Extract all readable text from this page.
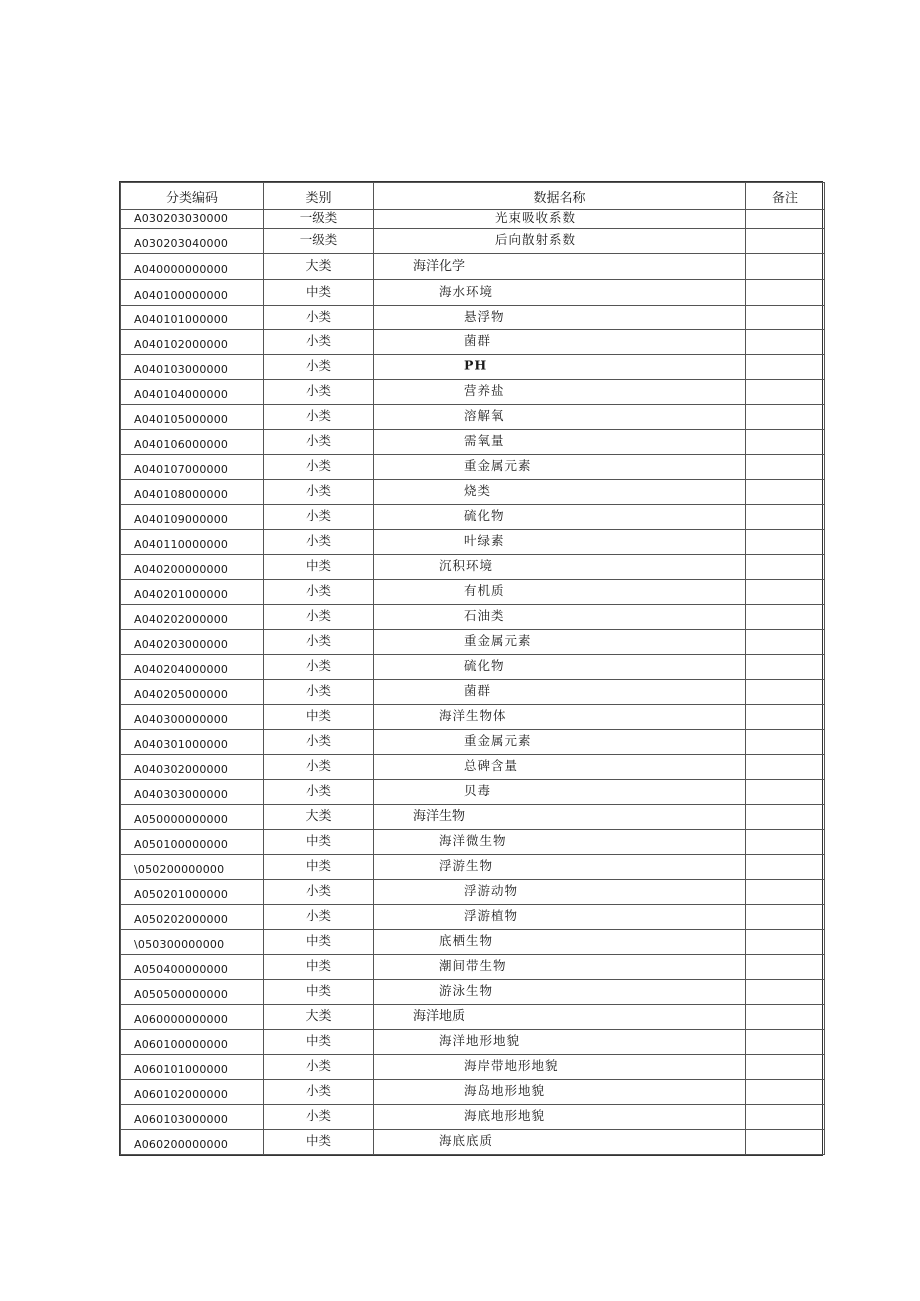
分类编码	类别	数据名称	备注

A030203030000	一级类	光束吸收系数	

A030203040000	一级类	后向散射系数	

A040000000000	大类	海洋化学	

A040100000000	中类	海水环境	

A040101000000	小类	悬浮物	

A040102000000	小类	菌群	

A040103000000	小类	PH	

A040104000000	小类	营养盐	

A040105000000	小类	溶解氧	

A040106000000	小类	需氧量	

A040107000000	小类	重金属元素	

A040108000000	小类	烧类	

A040109000000	小类	硫化物	

A040110000000	小类	叶绿素	

A040200000000	中类	沉积环境	

A040201000000	小类	有机质	

A040202000000	小类	石油类	

A040203000000	小类	重金属元素	

A040204000000	小类	硫化物	

A040205000000	小类	菌群	

A040300000000	中类	海洋生物体	

A040301000000	小类	重金属元素	

A040302000000	小类	总碑含量	

A040303000000	小类	贝毒	

A050000000000	大类	海洋生物	

A050100000000	中类	海洋微生物	

\050200000000	中类	浮游生物	

A050201000000	小类	浮游动物	

A050202000000	小类	浮游植物	

\050300000000	中类	底栖生物	

A050400000000	中类	潮间带生物	

A050500000000	中类	游泳生物	

A060000000000	大类	海洋地质	

A060100000000	中类	海洋地形地貌	

A060101000000	小类	海岸带地形地貌	

A060102000000	小类	海岛地形地貌	

A060103000000	小类	海底地形地貌	

A060200000000	中类	海底底质	
